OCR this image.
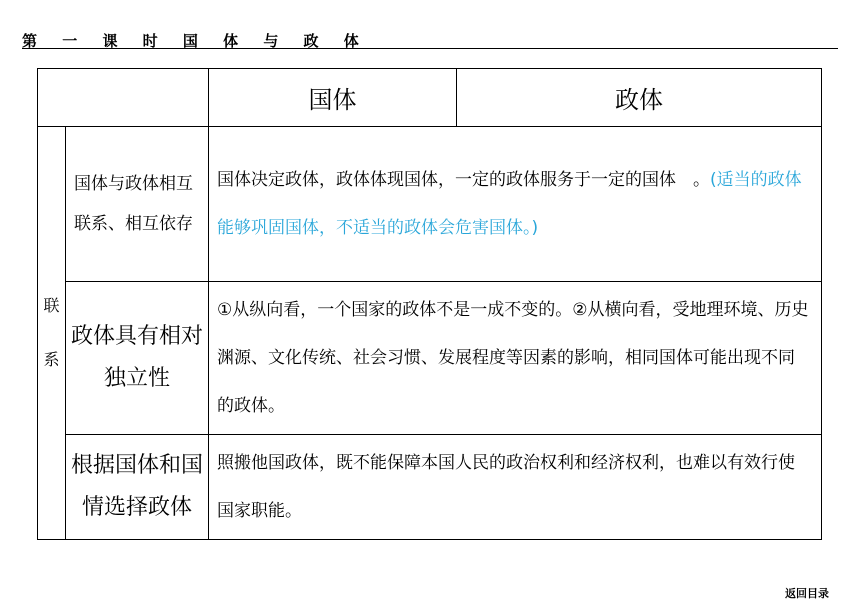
第 一 课 时 国 体 与 政 体
		国体	政体
联系	国体与政体相互联系、相互依存	国体决定政体，政体体现国体，一定的政体服务于一定的国体　。(适当的政体能够巩固国体，不适当的政体会危害国体。)	
	政体具有相对独立性	①从纵向看，一个国家的政体不是一成不变的。②从横向看，受地理环境、历史渊源、文化传统、社会习惯、发展程度等因素的影响，相同国体可能出现不同的政体。	
	根据国体和国情选择政体	照搬他国政体，既不能保障本国人民的政治权利和经济权利，也难以有效行使国家职能。	
返回目录
